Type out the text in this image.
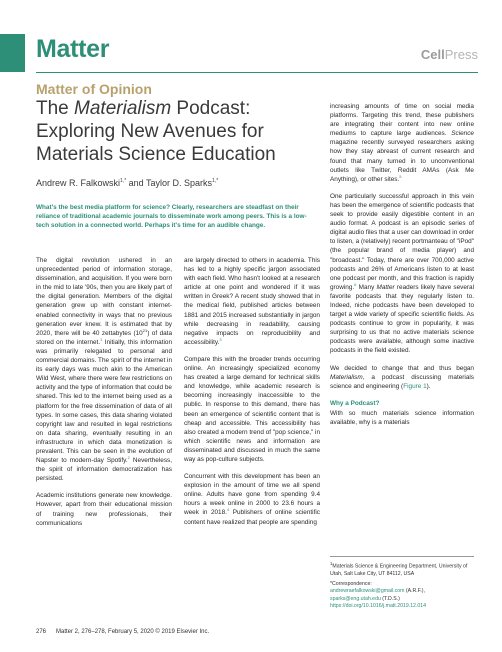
Matter	CellPress
Matter of Opinion
The Materialism Podcast:
Exploring New Avenues for
Materials Science Education
Andrew R. Falkowski$^{1,*}$ and Taylor D. Sparks$^{1,*}$
What's the best media platform for science? Clearly, researchers are steadfast on their reliance of traditional academic journals to disseminate work among peers. This is a low-tech solution in a connected world. Perhaps it's time for an audible change.

The digital revolution ushered in an unprecedented period of information storage, dissemination, and acquisition. If you were born in the mid to late '90s, then you are likely part of the digital generation. Members of the digital generation grew up with constant internet-enabled connectivity in ways that no previous generation ever knew. It is estimated that by 2020, there will be 40 zettabytes $(10^{21})$ of data stored on the internet.$^1$ Initially, this information was primarily relegated to personal and commercial domains. The spirit of the internet in its early days was much akin to the American Wild West, where there were few restrictions on activity and the type of information that could be shared. This led to the internet being used as a platform for the free dissemination of data of all types. In some cases, this data sharing violated copyright law and resulted in legal restrictions on data sharing, eventually resulting in an infrastructure in which data monetization is prevalent. This can be seen in the evolution of Napster to modern-day Spotify.$^2$ Nevertheless, the spirit of information democratization has persisted.

Academic institutions generate new knowledge. However, apart from their educational mission of training new professionals, their communications

are largely directed to others in academia. This has led to a highly specific jargon associated with each field. Who hasn't looked at a research article at one point and wondered if it was written in Greek? A recent study showed that in the medical field, published articles between 1881 and 2015 increased substantially in jargon while decreasing in readability, causing negative impacts on reproducibility and accessibility.$^3$

Compare this with the broader trends occurring online. An increasingly specialized economy has created a large demand for technical skills and knowledge, while academic research is becoming increasingly inaccessible to the public. In response to this demand, there has been an emergence of scientific content that is cheap and accessible. This accessibility has also created a modern trend of "pop science," in which scientific news and information are disseminated and discussed in much the same way as pop-culture subjects.

Concurrent with this development has been an explosion in the amount of time we all spend online. Adults have gone from spending 9.4 hours a week online in 2000 to 23.6 hours a week in 2018.$^4$ Publishers of online scientific content have realized that people are spending

increasing amounts of time on social media platforms. Targeting this trend, these publishers are integrating their content into new online mediums to capture large audiences. Science magazine recently surveyed researchers asking how they stay abreast of current research and found that many turned in to unconventional outlets like Twitter, Reddit AMAs (Ask Me Anything), or other sites.$^5$

One particularly successful approach in this vein has been the emergence of scientific podcasts that seek to provide easily digestible content in an audio format. A podcast is an episodic series of digital audio files that a user can download in order to listen, a (relatively) recent portmanteau of "iPod" (the popular brand of media player) and "broadcast." Today, there are over 700,000 active podcasts and 26% of Americans listen to at least one podcast per month, and this fraction is rapidly growing.$^6$ Many Matter readers likely have several favorite podcasts that they regularly listen to. Indeed, niche podcasts have been developed to target a wide variety of specific scientific fields. As podcasts continue to grow in popularity, it was surprising to us that no active materials science podcasts were available, although some inactive podcasts in the field existed.

We decided to change that and thus began Materialism, a podcast discussing materials science and engineering (Figure 1).

Why a Podcast?

With so much materials science information available, why is a materials

$^1$Materials Science & Engineering Department, University of Utah, Salt Lake City, UT 84112, USA

*Correspondence:
andrewraefalkowski@gmail.com (A.R.F.),
sparks@eng.utah.edu (T.D.S.)
https://doi.org/10.1016/j.matt.2019.12.014

276 Matter 2, 276–278, February 5, 2020 © 2019 Elsevier Inc.
